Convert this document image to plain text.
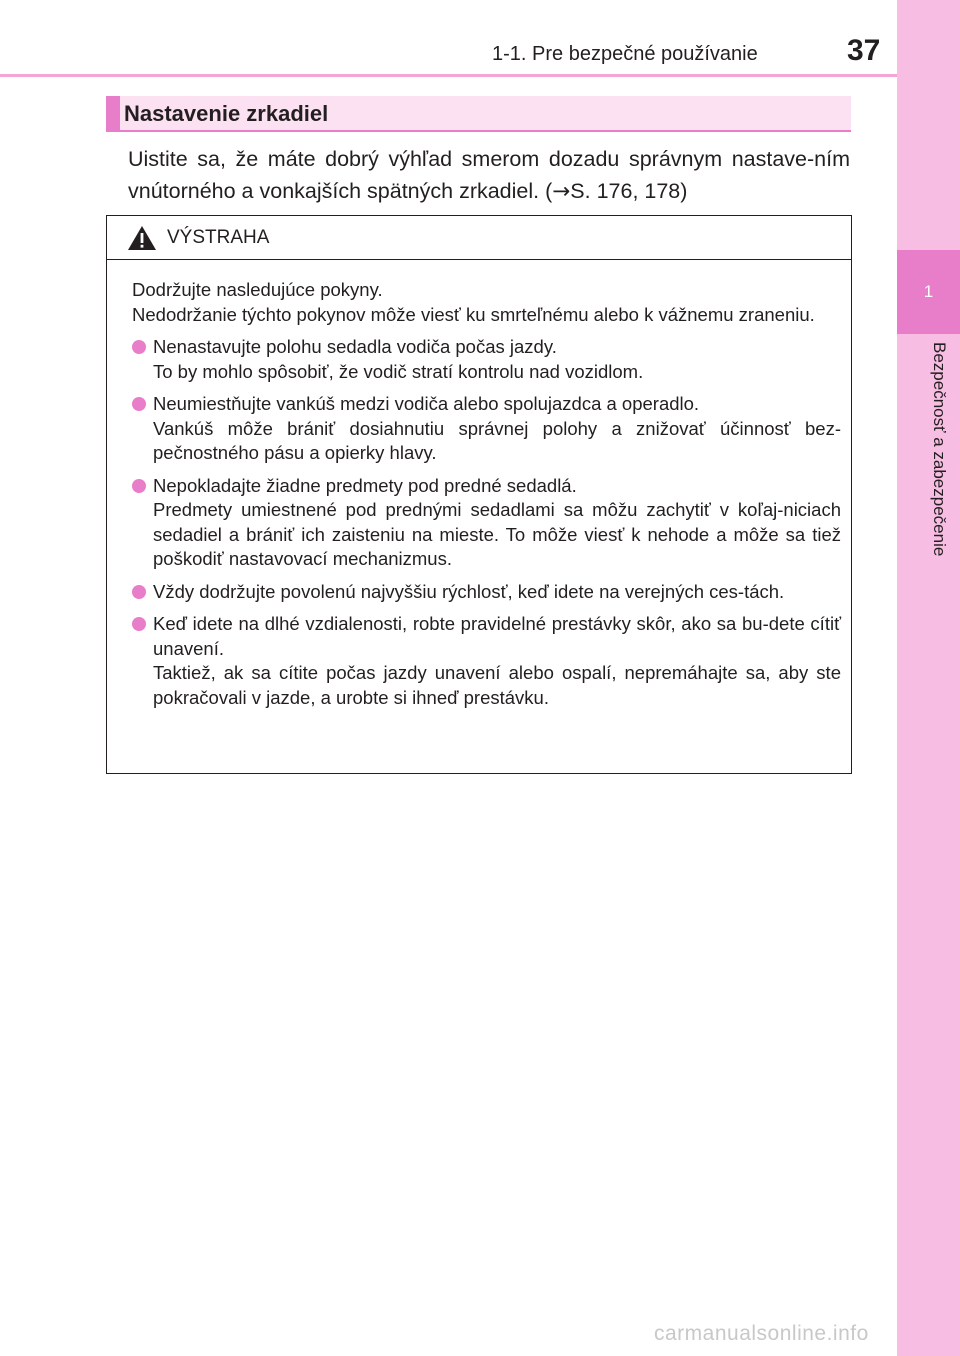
1-1. Pre bezpečné používanie	37
1
Bezpečnosť a zabezpečenie
Nastavenie zrkadiel
Uistite sa, že máte dobrý výhľad smerom dozadu správnym nastave-ním vnútorného a vonkajších spätných zrkadiel. (→S. 176, 178)
VÝSTRAHA

Dodržujte nasledujúce pokyny.

Nedodržanie týchto pokynov môže viesť ku smrteľnému alebo k vážnemu zraneniu.

Nenastavujte polohu sedadla vodiča počas jazdy.
To by mohlo spôsobiť, že vodič stratí kontrolu nad vozidlom.
Neumiestňujte vankúš medzi vodiča alebo spolujazdca a operadlo.
Vankúš môže brániť dosiahnutiu správnej polohy a znižovať účinnosť bez-pečnostného pásu a opierky hlavy.
Nepokladajte žiadne predmety pod predné sedadlá.
Predmety umiestnené pod prednými sedadlami sa môžu zachytiť v koľaj-niciach sedadiel a brániť ich zaisteniu na mieste. To môže viesť k nehode a môže sa tiež poškodiť nastavovací mechanizmus.
Vždy dodržujte povolenú najvyššiu rýchlosť, keď idete na verejných ces-tách.
Keď idete na dlhé vzdialenosti, robte pravidelné prestávky skôr, ako sa bu-dete cítiť unavení.
Taktiež, ak sa cítite počas jazdy unavení alebo ospalí, nepremáhajte sa, aby ste pokračovali v jazde, a urobte si ihneď prestávku.
carmanualsonline.info
